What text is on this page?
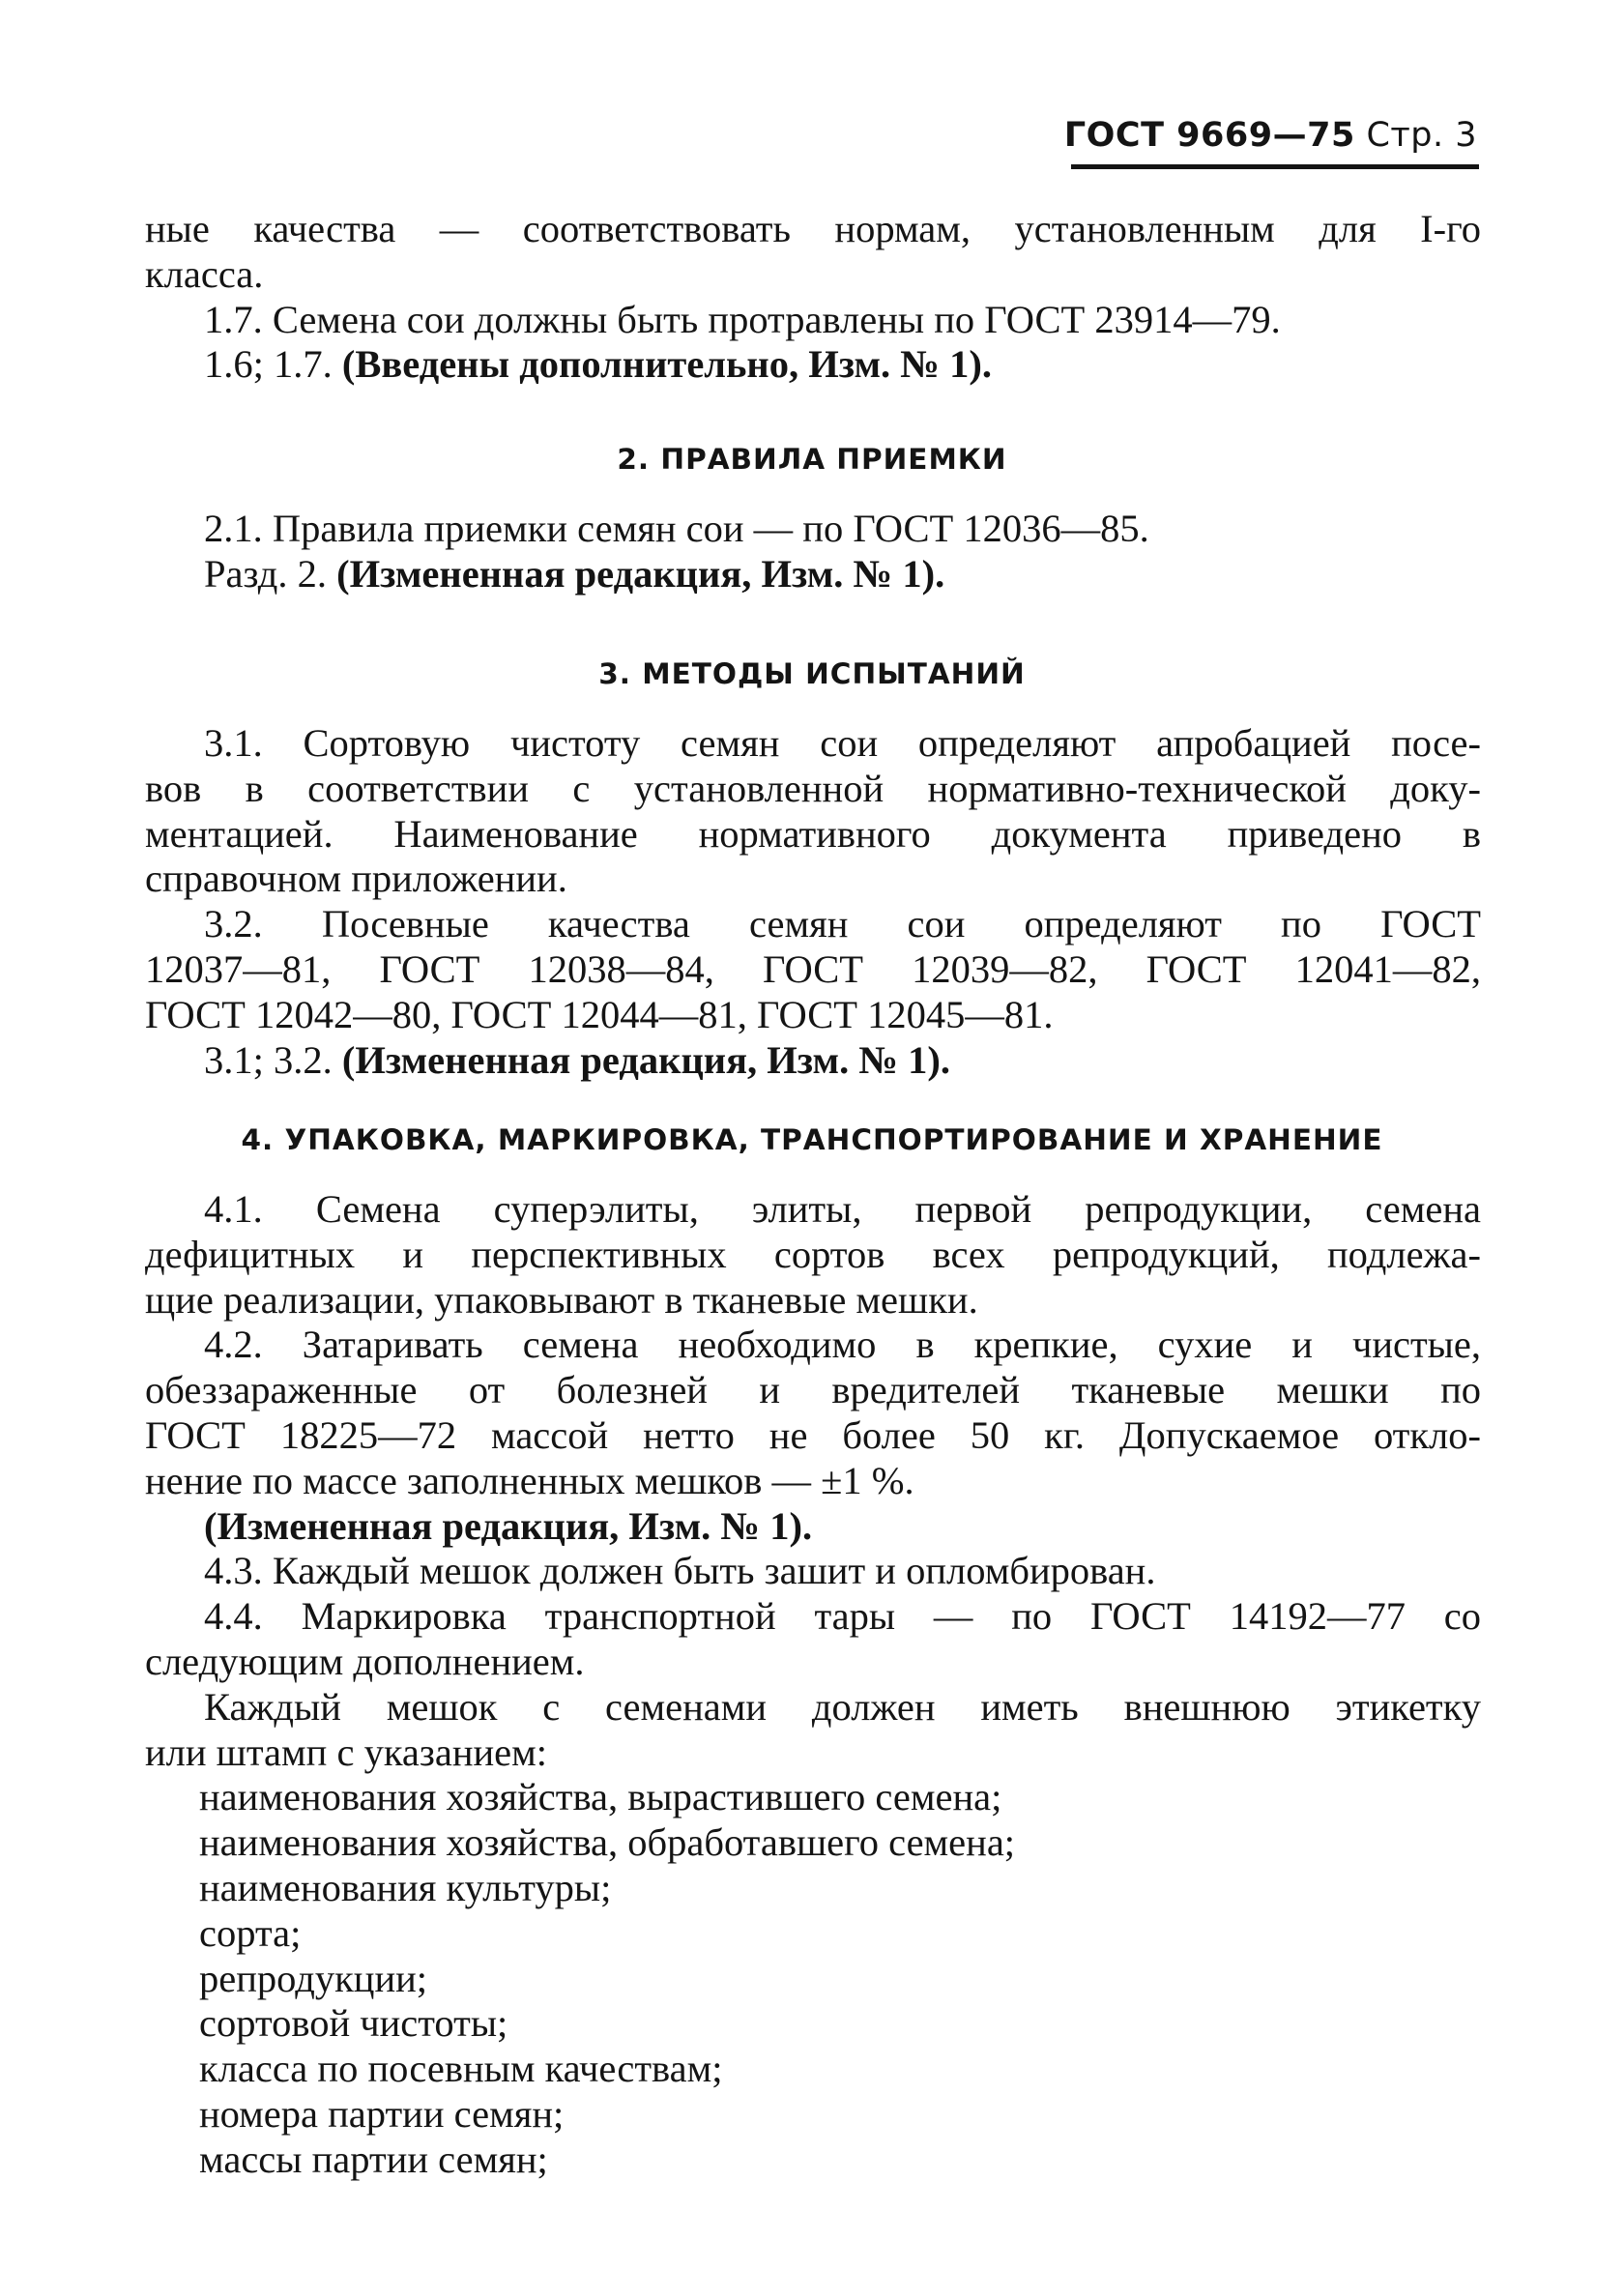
ГОСТ 9669—75 Стр. 3
ные качества — соответствовать нормам, установленным для I-го
класса.
1.7. Семена сои должны быть протравлены по ГОСТ 23914—79.
1.6; 1.7. (Введены дополнительно, Изм. № 1).
2. ПРАВИЛА ПРИЕМКИ
2.1. Правила приемки семян сои — по ГОСТ 12036—85.
Разд. 2. (Измененная редакция, Изм. № 1).
3. МЕТОДЫ ИСПЫТАНИЙ
3.1. Сортовую чистоту семян сои определяют апробацией посе-
вов в соответствии с установленной нормативно-технической доку-
ментацией. Наименование нормативного документа приведено в
справочном приложении.
3.2. Посевные качества семян сои определяют по ГОСТ
12037—81, ГОСТ 12038—84, ГОСТ 12039—82, ГОСТ 12041—82,
ГОСТ 12042—80, ГОСТ 12044—81, ГОСТ 12045—81.
3.1; 3.2. (Измененная редакция, Изм. № 1).
4. УПАКОВКА, МАРКИРОВКА, ТРАНСПОРТИРОВАНИЕ И ХРАНЕНИЕ
4.1. Семена суперэлиты, элиты, первой репродукции, семена
дефицитных и перспективных сортов всех репродукций, подлежа-
щие реализации, упаковывают в тканевые мешки.
4.2. Затаривать семена необходимо в крепкие, сухие и чистые,
обеззараженные от болезней и вредителей тканевые мешки по
ГОСТ 18225—72 массой нетто не более 50 кг. Допускаемое откло-
нение по массе заполненных мешков — ±1 %.
(Измененная редакция, Изм. № 1).
4.3. Каждый мешок должен быть зашит и опломбирован.
4.4. Маркировка транспортной тары — по ГОСТ 14192—77 со
следующим дополнением.
Каждый мешок с семенами должен иметь внешнюю этикетку
или штамп с указанием:
наименования хозяйства, вырастившего семена;
наименования хозяйства, обработавшего семена;
наименования культуры;
сорта;
репродукции;
сортовой чистоты;
класса по посевным качествам;
номера партии семян;
массы партии семян;
